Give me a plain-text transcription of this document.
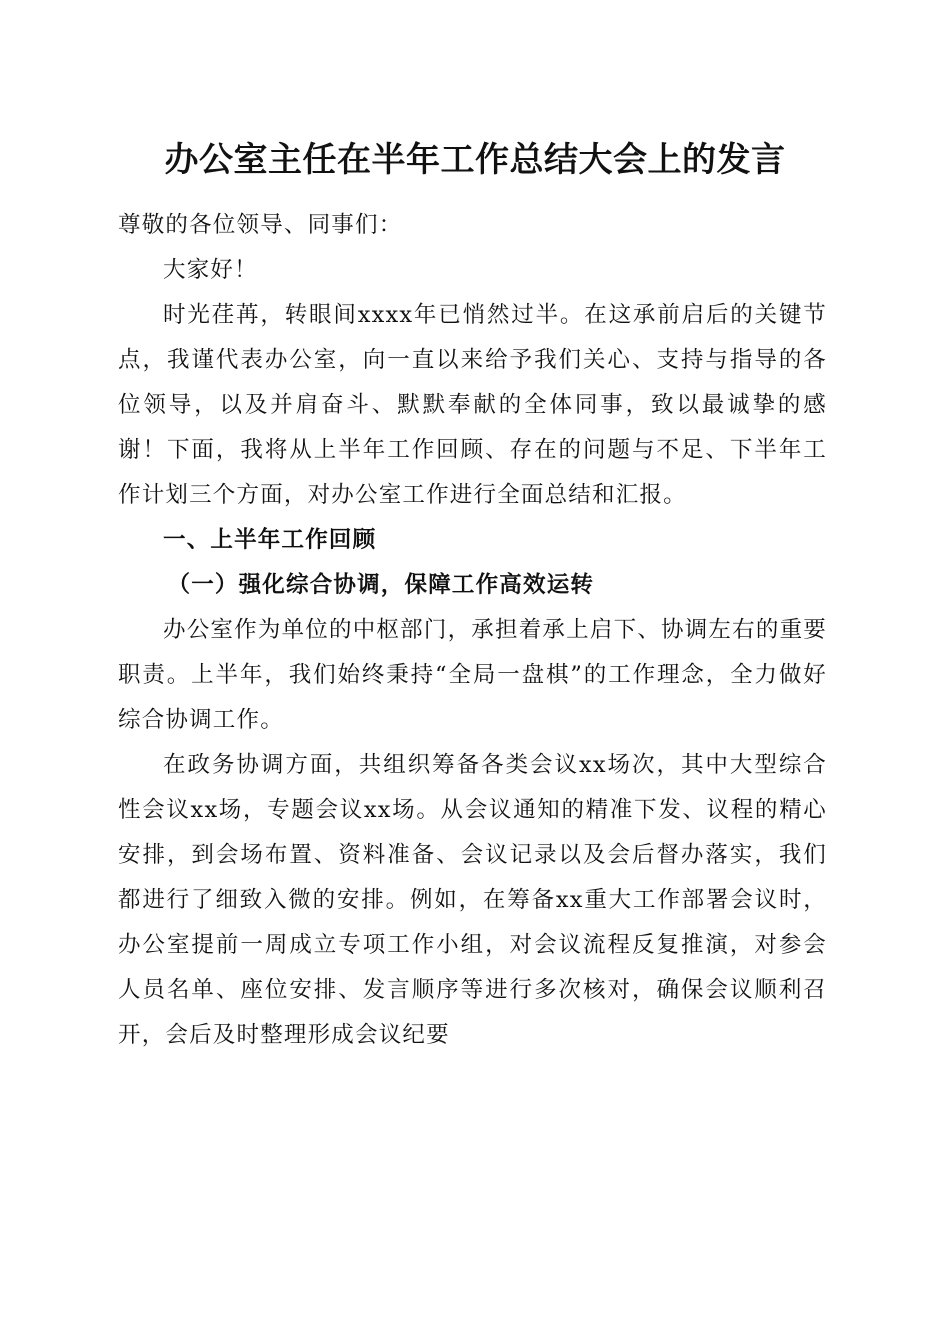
办公室主任在半年工作总结大会上的发言

尊敬的各位领导、同事们：

大家好！

时光荏苒，转眼间xxxx年已悄然过半。在这承前启后的关键节点，我谨代表办公室，向一直以来给予我们关心、支持与指导的各位领导，以及并肩奋斗、默默奉献的全体同事，致以最诚挚的感谢！下面，我将从上半年工作回顾、存在的问题与不足、下半年工作计划三个方面，对办公室工作进行全面总结和汇报。

一、上半年工作回顾

（一）强化综合协调，保障工作高效运转

办公室作为单位的中枢部门，承担着承上启下、协调左右的重要职责。上半年，我们始终秉持“全局一盘棋”的工作理念，全力做好综合协调工作。

在政务协调方面，共组织筹备各类会议xx场次，其中大型综合性会议xx场，专题会议xx场。从会议通知的精准下发、议程的精心安排，到会场布置、资料准备、会议记录以及会后督办落实，我们都进行了细致入微的安排。例如，在筹备xx重大工作部署会议时，办公室提前一周成立专项工作小组，对会议流程反复推演，对参会人员名单、座位安排、发言顺序等进行多次核对，确保会议顺利召开，会后及时整理形成会议纪要
